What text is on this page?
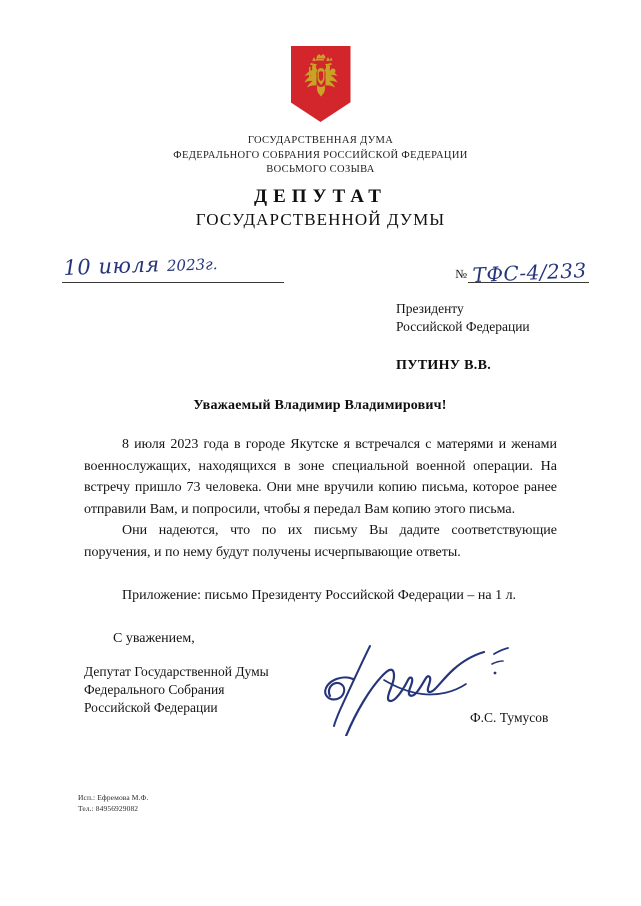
ГОСУДАРСТВЕННАЯ ДУМА
ФЕДЕРАЛЬНОГО СОБРАНИЯ РОССИЙСКОЙ ФЕДЕРАЦИИ
ВОСЬМОГО СОЗЫВА
ДЕПУТАТ
ГОСУДАРСТВЕННОЙ ДУМЫ
10 июля 2023г.	№ ТФС-4/233
Президенту
Российской Федерации
ПУТИНУ В.В.
Уважаемый Владимир Владимирович!

8 июля 2023 года в городе Якутске я встречался с матерями и женами военнослужащих, находящихся в зоне специальной военной операции. На встречу пришло 73 человека. Они мне вручили копию письма, которое ранее отправили Вам, и попросили, чтобы я передал Вам копию этого письма.

Они надеются, что по их письму Вы дадите соответствующие поручения, и по нему будут получены исчерпывающие ответы.

Приложение: письмо Президенту Российской Федерации – на 1 л.
С уважением,
Депутат Государственной Думы
Федерального Собрания
Российской Федерации
Ф.С. Тумусов
Исп.: Ефремова М.Ф.
Тел.: 84956929082
